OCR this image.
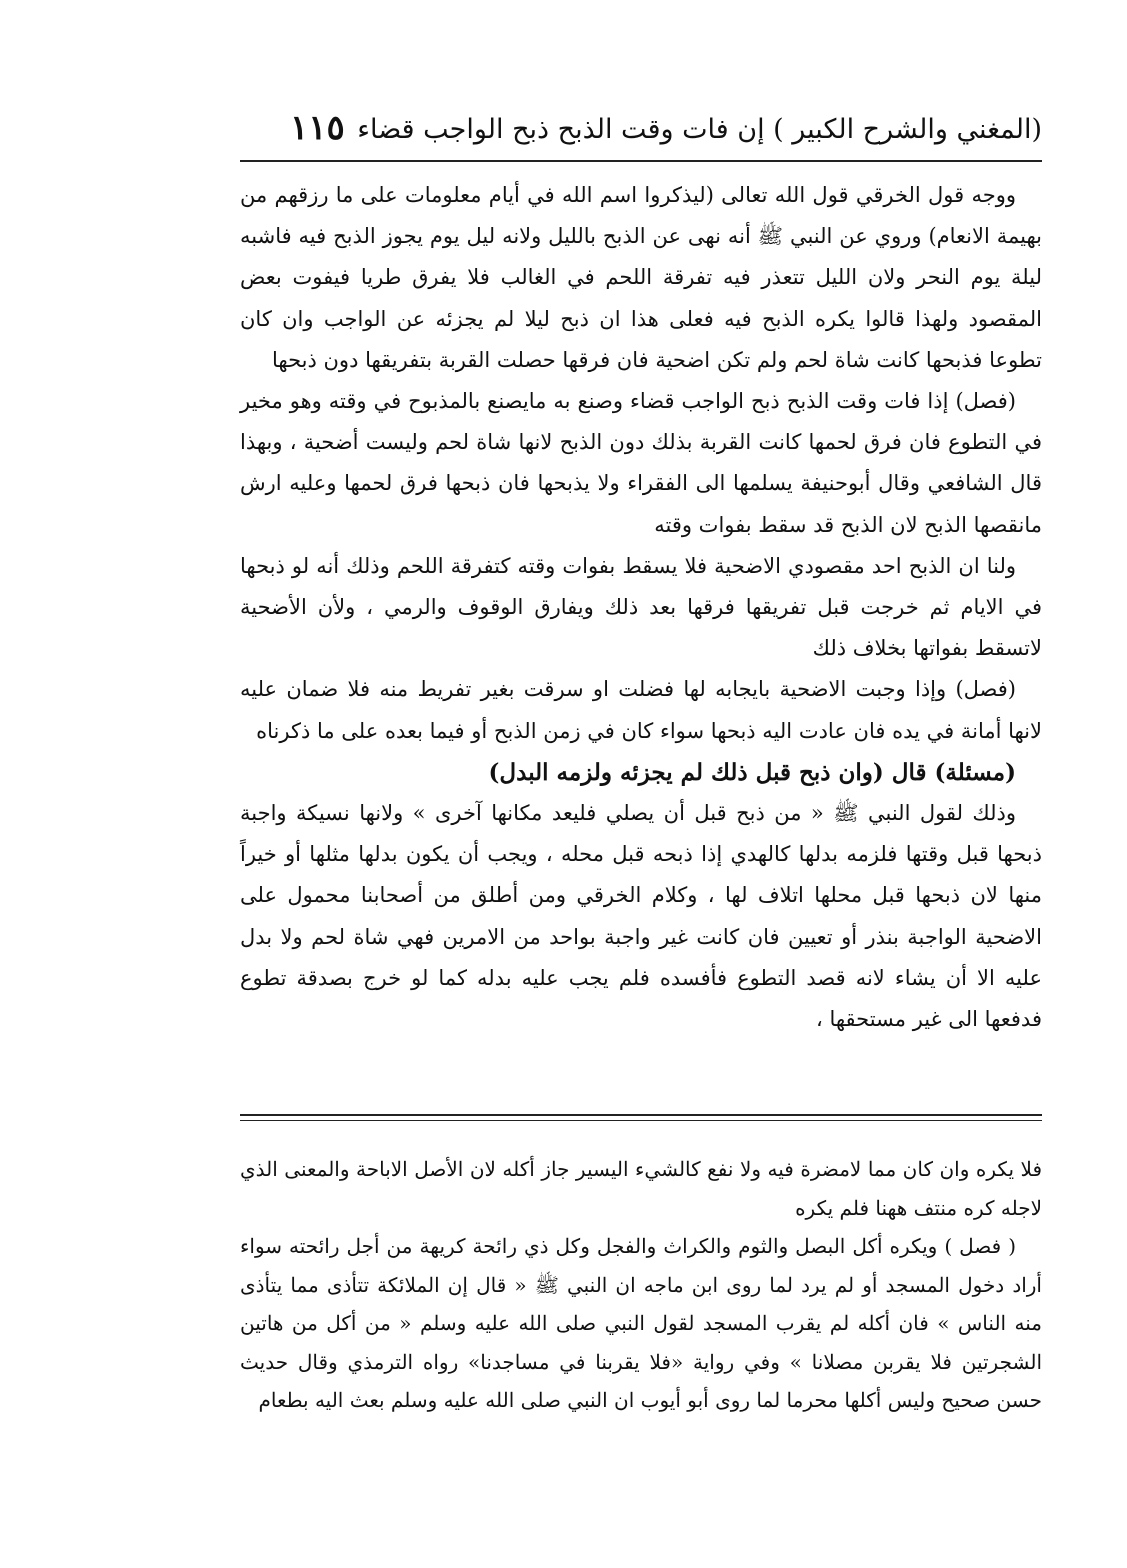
(المغني والشرح الكبير ) إن فات وقت الذبح ذبح الواجب قضاء
١١٥

ووجه قول الخرقي قول الله تعالى (ليذكروا اسم الله في أيام معلومات على ما رزقهم من بهيمة الانعام) وروي عن النبي ﷺ أنه نهى عن الذبح بالليل ولانه ليل يوم يجوز الذبح فيه فاشبه ليلة يوم النحر ولان الليل تتعذر فيه تفرقة اللحم في الغالب فلا يفرق طريا فيفوت بعض المقصود ولهذا قالوا يكره الذبح فيه فعلى هذا ان ذبح ليلا لم يجزئه عن الواجب وان كان تطوعا فذبحها كانت شاة لحم ولم تكن اضحية فان فرقها حصلت القربة بتفريقها دون ذبحها

(فصل) إذا فات وقت الذبح ذبح الواجب قضاء وصنع به مايصنع بالمذبوح في وقته وهو مخير في التطوع فان فرق لحمها كانت القربة بذلك دون الذبح لانها شاة لحم وليست أضحية ، وبهذا قال الشافعي وقال أبوحنيفة يسلمها الى الفقراء ولا يذبحها فان ذبحها فرق لحمها وعليه ارش مانقصها الذبح لان الذبح قد سقط بفوات وقته

ولنا ان الذبح احد مقصودي الاضحية فلا يسقط بفوات وقته كتفرقة اللحم وذلك أنه لو ذبحها في الايام ثم خرجت قبل تفريقها فرقها بعد ذلك ويفارق الوقوف والرمي ، ولأن الأضحية لاتسقط بفواتها بخلاف ذلك

(فصل) وإذا وجبت الاضحية بايجابه لها فضلت او سرقت بغير تفريط منه فلا ضمان عليه لانها أمانة في يده فان عادت اليه ذبحها سواء كان في زمن الذبح أو فيما بعده على ما ذكرناه

(مسئلة) قال (وان ذبح قبل ذلك لم يجزئه ولزمه البدل)

وذلك لقول النبي ﷺ « من ذبح قبل أن يصلي فليعد مكانها آخرى » ولانها نسيكة واجبة ذبحها قبل وقتها فلزمه بدلها كالهدي إذا ذبحه قبل محله ، ويجب أن يكون بدلها مثلها أو خيراً منها لان ذبحها قبل محلها اتلاف لها ، وكلام الخرقي ومن أطلق من أصحابنا محمول على الاضحية الواجبة بنذر أو تعيين فان كانت غير واجبة بواحد من الامرين فهي شاة لحم ولا بدل عليه الا أن يشاء لانه قصد التطوع فأفسده فلم يجب عليه بدله كما لو خرج بصدقة تطوع فدفعها الى غير مستحقها ،

فلا يكره وان كان مما لامضرة فيه ولا نفع كالشيء اليسير جاز أكله لان الأصل الاباحة والمعنى الذي لاجله كره منتف ههنا فلم يكره

( فصل ) ويكره أكل البصل والثوم والكراث والفجل وكل ذي رائحة كريهة من أجل رائحته سواء أراد دخول المسجد أو لم يرد لما روى ابن ماجه ان النبي ﷺ « قال إن الملائكة تتأذى مما يتأذى منه الناس » فان أكله لم يقرب المسجد لقول النبي صلى الله عليه وسلم « من أكل من هاتين الشجرتين فلا يقربن مصلانا » وفي رواية «فلا يقربنا في مساجدنا» رواه الترمذي وقال حديث حسن صحيح وليس أكلها محرما لما روى أبو أيوب ان النبي صلى الله عليه وسلم بعث اليه بطعام
